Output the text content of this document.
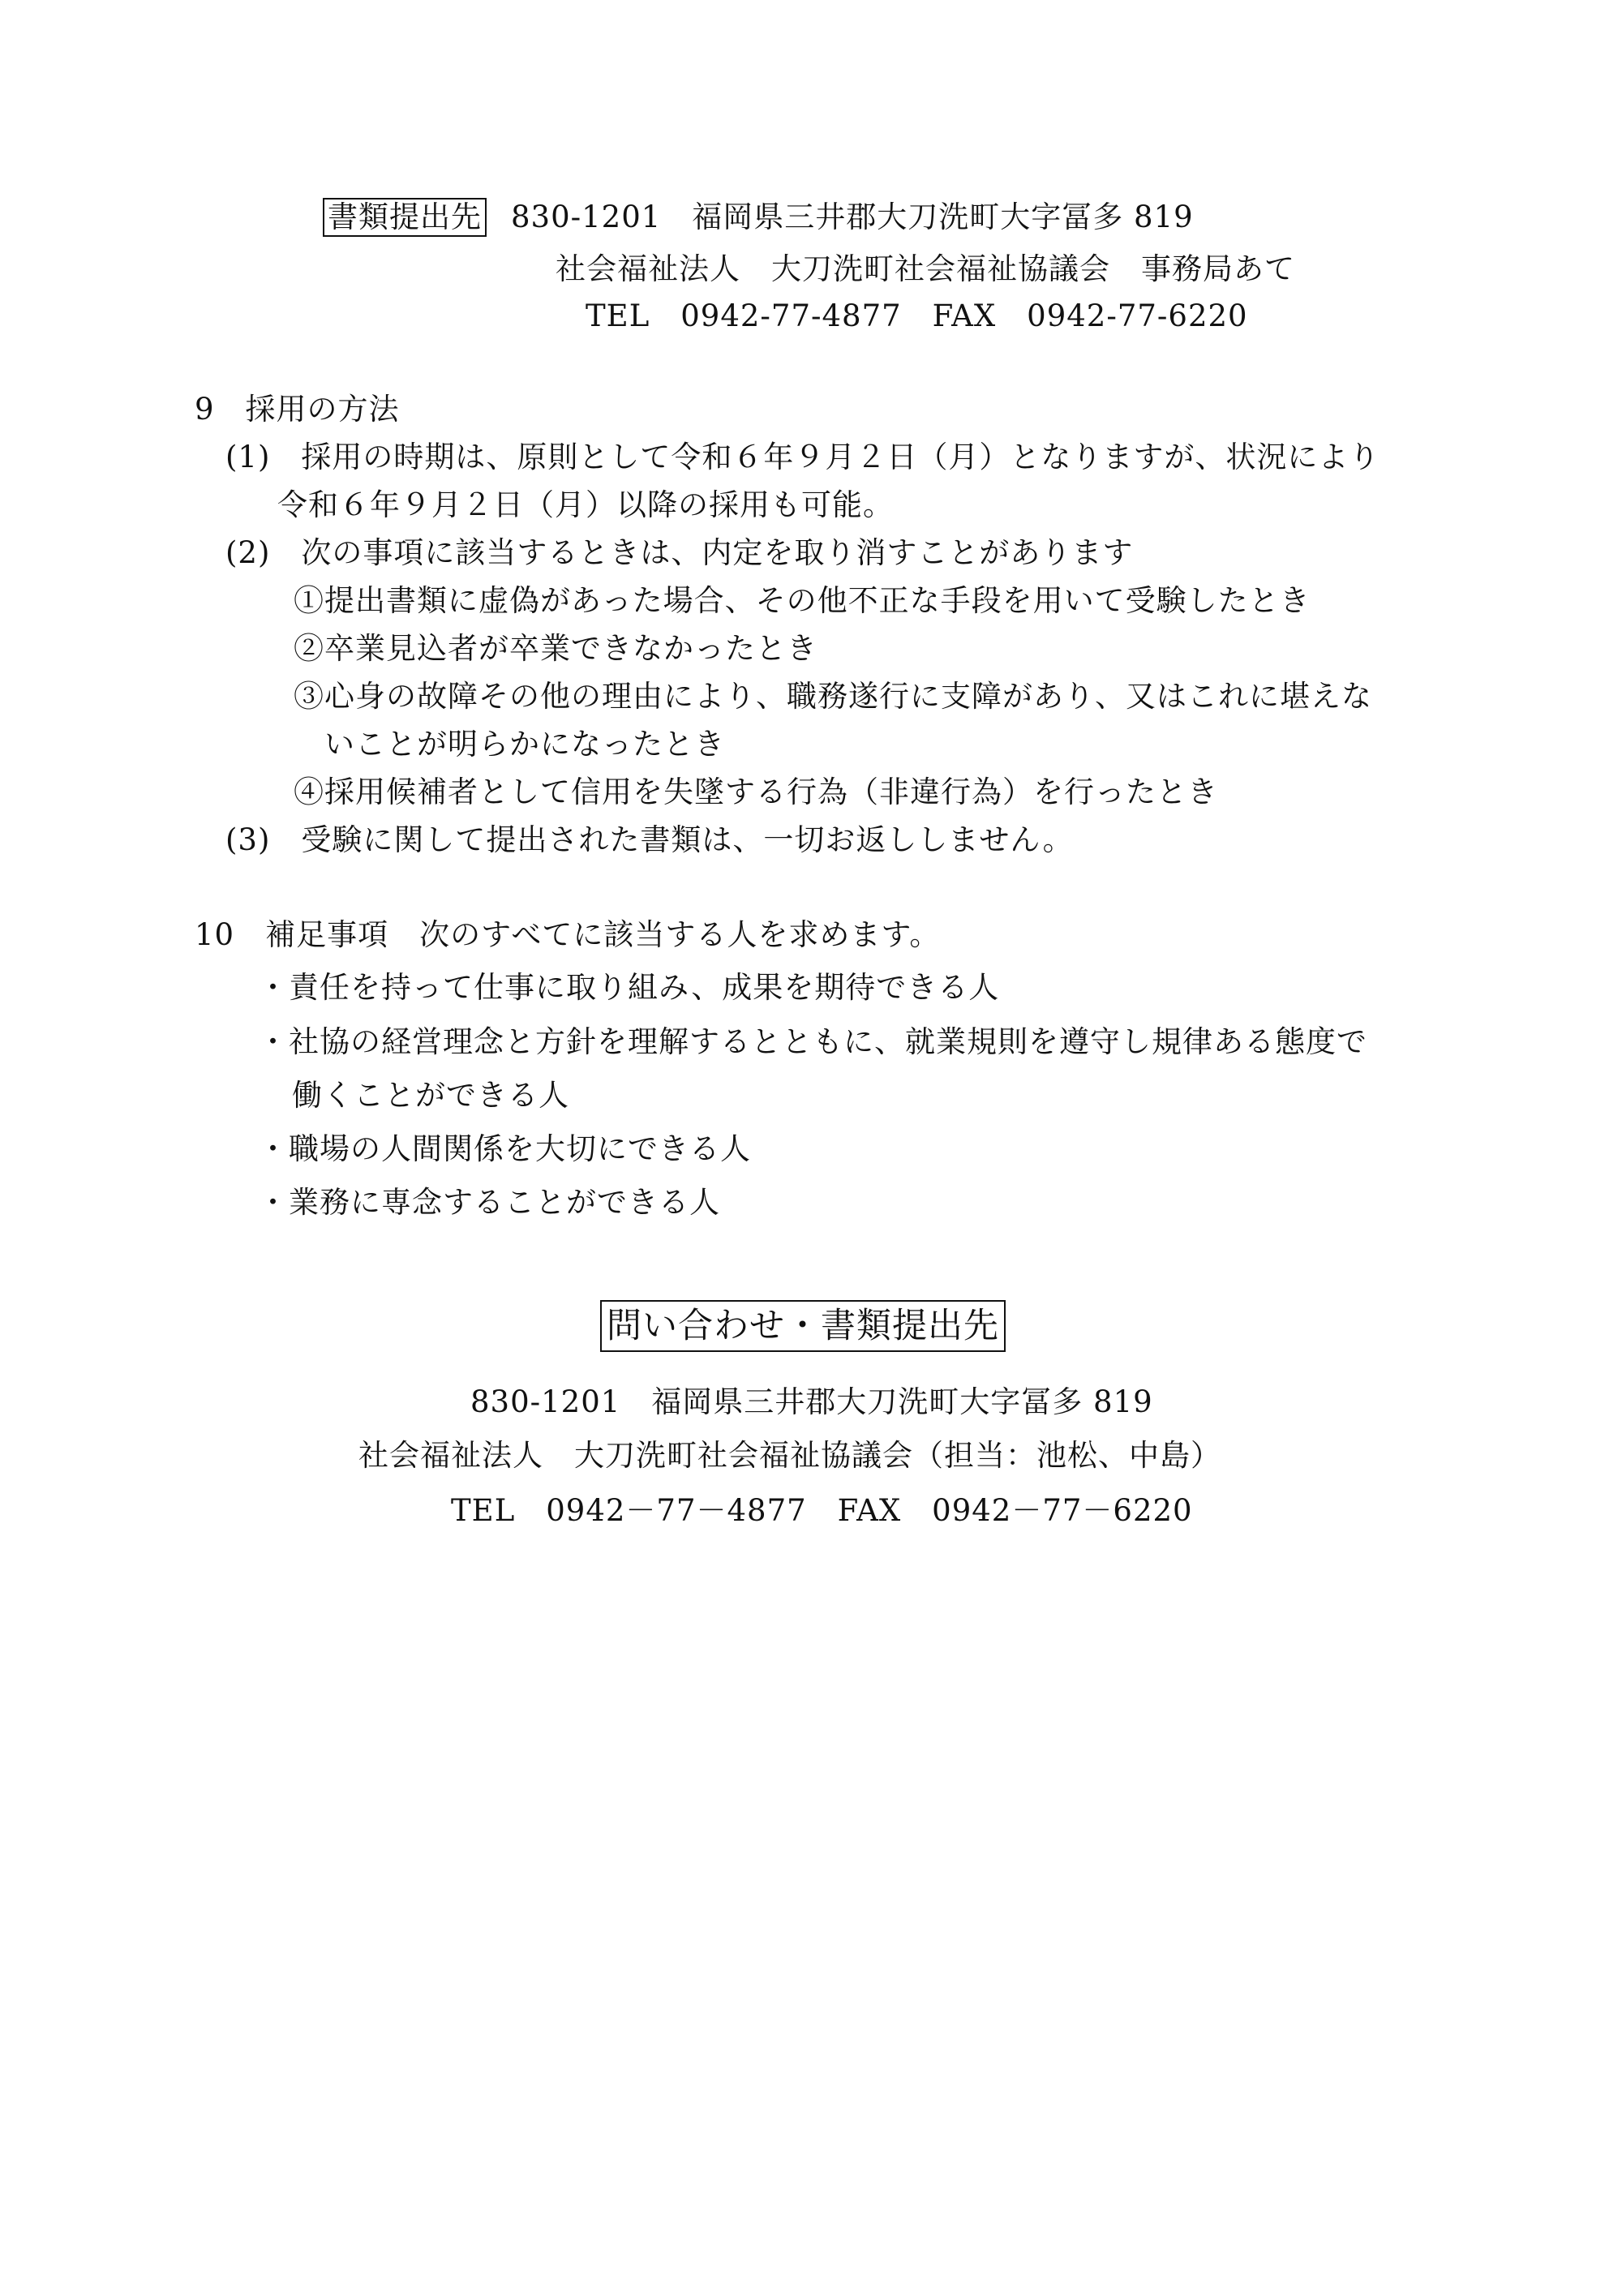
書類提出先 830-1201　福岡県三井郡大刀洗町大字冨多 819
社会福祉法人　大刀洗町社会福祉協議会　事務局あて
TEL　0942-77-4877　FAX　0942-77-6220
9　採用の方法
(1)　採用の時期は、原則として令和６年９月２日（月）となりますが、状況により
令和６年９月２日（月）以降の採用も可能。
(2)　次の事項に該当するときは、内定を取り消すことがあります
①提出書類に虚偽があった場合、その他不正な手段を用いて受験したとき
②卒業見込者が卒業できなかったとき
③心身の故障その他の理由により、職務遂行に支障があり、又はこれに堪えな
いことが明らかになったとき
④採用候補者として信用を失墜する行為（非違行為）を行ったとき
(3)　受験に関して提出された書類は、一切お返ししません。
10　補足事項　次のすべてに該当する人を求めます。
・責任を持って仕事に取り組み、成果を期待できる人
・社協の経営理念と方針を理解するとともに、就業規則を遵守し規律ある態度で
働くことができる人
・職場の人間関係を大切にできる人
・業務に専念することができる人
問い合わせ・書類提出先
830-1201　福岡県三井郡大刀洗町大字冨多 819
社会福祉法人　大刀洗町社会福祉協議会（担当：池松、中島）
TEL　0942－77－4877　FAX　0942－77－6220
